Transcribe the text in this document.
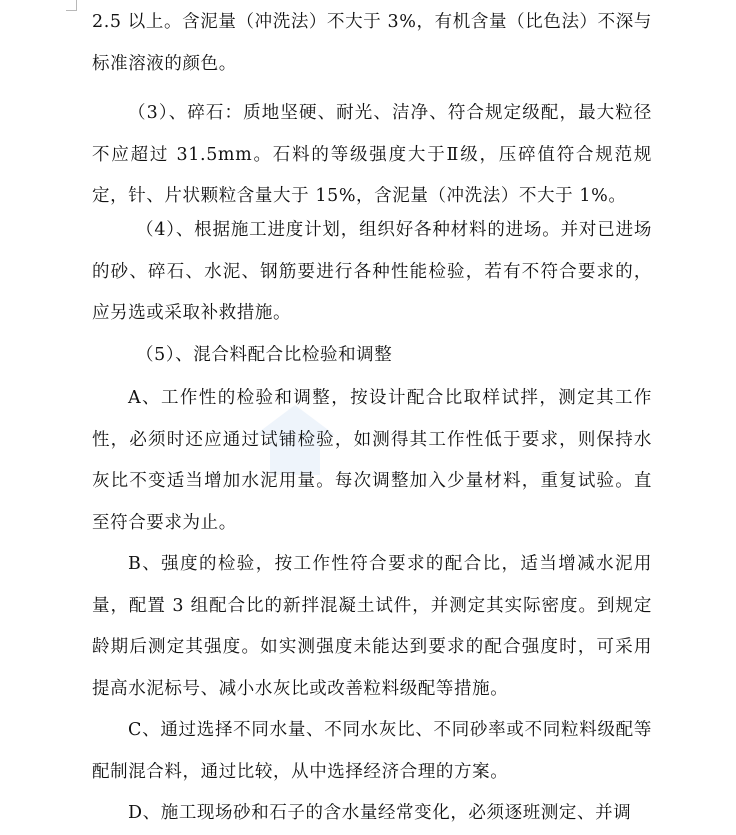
2.5 以上。含泥量（冲洗法）不大于 3%，有机含量（比色法）不深与标准溶液的颜色。

（3）、碎石：质地坚硬、耐光、洁净、符合规定级配，最大粒径不应超过 31.5mm。石料的等级强度大于Ⅱ级，压碎值符合规范规定，针、片状颗粒含量大于 15%，含泥量（冲洗法）不大于 1%。

（4）、根据施工进度计划，组织好各种材料的进场。并对已进场的砂、碎石、水泥、钢筋要进行各种性能检验，若有不符合要求的，应另选或采取补救措施。

（5）、混合料配合比检验和调整

A、工作性的检验和调整，按设计配合比取样试拌，测定其工作性，必须时还应通过试铺检验，如测得其工作性低于要求，则保持水灰比不变适当增加水泥用量。每次调整加入少量材料，重复试验。直至符合要求为止。

B、强度的检验，按工作性符合要求的配合比，适当增减水泥用量，配置 3 组配合比的新拌混凝土试件，并测定其实际密度。到规定龄期后测定其强度。如实测强度未能达到要求的配合强度时，可采用提高水泥标号、减小水灰比或改善粒料级配等措施。

C、通过选择不同水量、不同水灰比、不同砂率或不同粒料级配等配制混合料，通过比较，从中选择经济合理的方案。

D、施工现场砂和石子的含水量经常变化，必须逐班测定、并调
